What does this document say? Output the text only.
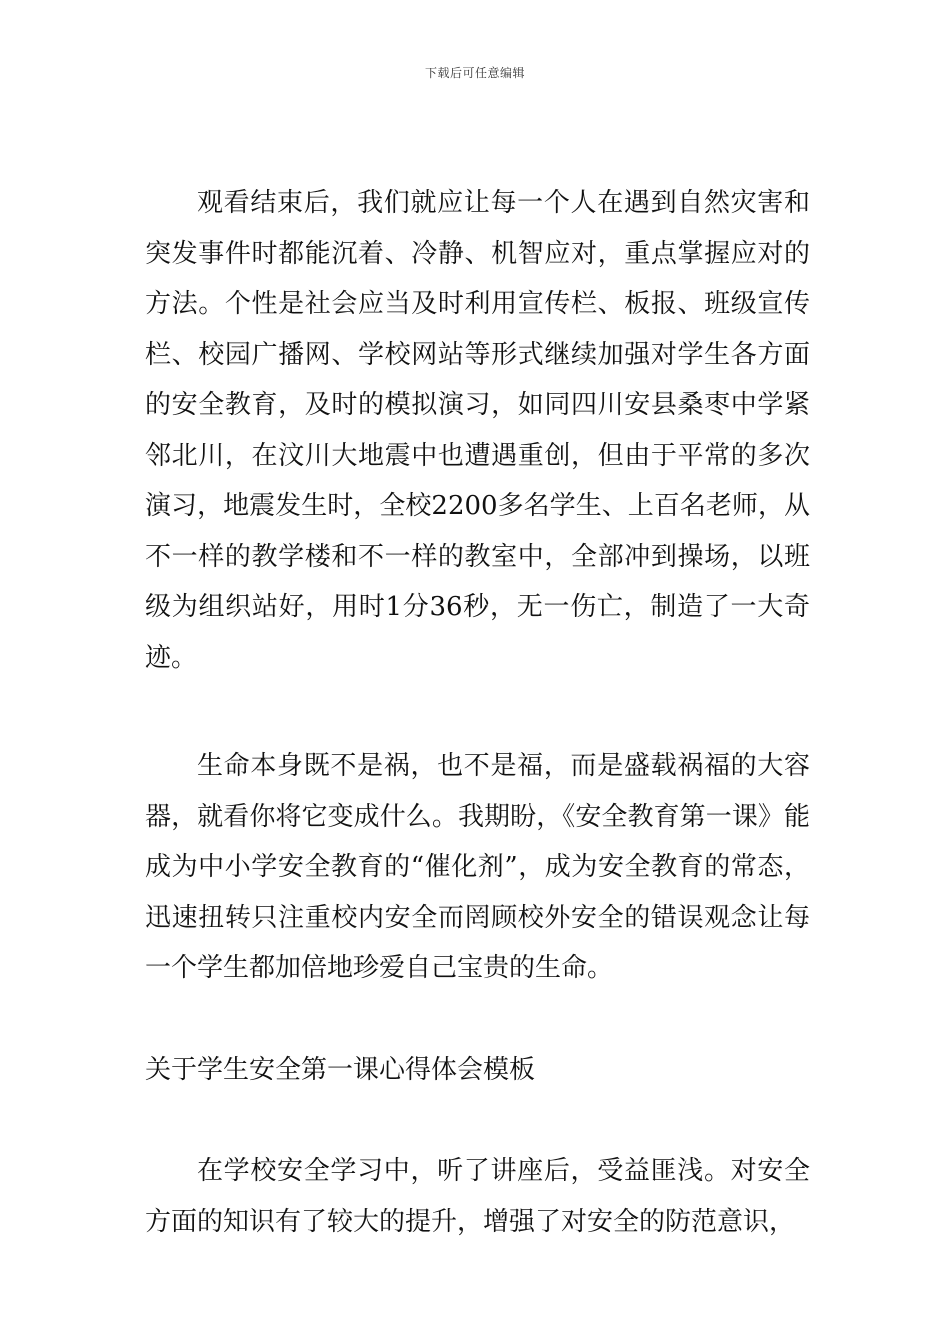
下载后可任意编辑

观看结束后，我们就应让每一个人在遇到自然灾害和突发事件时都能沉着、冷静、机智应对，重点掌握应对的方法。个性是社会应当及时利用宣传栏、板报、班级宣传栏、校园广播网、学校网站等形式继续加强对学生各方面的安全教育，及时的模拟演习，如同四川安县桑枣中学紧邻北川，在汶川大地震中也遭遇重创，但由于平常的多次演习，地震发生时，全校2200多名学生、上百名老师，从不一样的教学楼和不一样的教室中，全部冲到操场，以班级为组织站好，用时1分36秒，无一伤亡，制造了一大奇迹。

生命本身既不是祸，也不是福，而是盛载祸福的大容器，就看你将它变成什么。我期盼，《安全教育第一课》能成为中小学安全教育的“催化剂”，成为安全教育的常态，迅速扭转只注重校内安全而罔顾校外安全的错误观念让每一个学生都加倍地珍爱自己宝贵的生命。

关于学生安全第一课心得体会模板

在学校安全学习中，听了讲座后，受益匪浅。对安全方面的知识有了较大的提升，增强了对安全的防范意识，
